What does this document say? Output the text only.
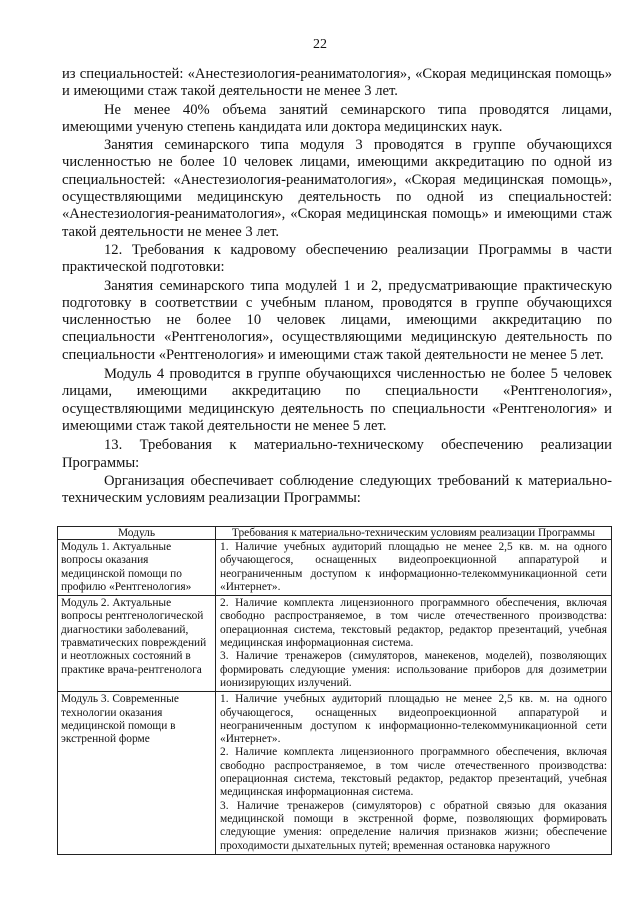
22

из специальностей: «Анестезиология-реаниматология», «Скорая медицинская помощь» и имеющими стаж такой деятельности не менее 3 лет.

Не менее 40% объема занятий семинарского типа проводятся лицами, имеющими ученую степень кандидата или доктора медицинских наук.

Занятия семинарского типа модуля 3 проводятся в группе обучающихся численностью не более 10 человек лицами, имеющими аккредитацию по одной из специальностей: «Анестезиология-реаниматология», «Скорая медицинская помощь», осуществляющими медицинскую деятельность по одной из специальностей: «Анестезиология-реаниматология», «Скорая медицинская помощь» и имеющими стаж такой деятельности не менее 3 лет.

12. Требования к кадровому обеспечению реализации Программы в части практической подготовки:

Занятия семинарского типа модулей 1 и 2, предусматривающие практическую подготовку в соответствии с учебным планом, проводятся в группе обучающихся численностью не более 10 человек лицами, имеющими аккредитацию по специальности «Рентгенология», осуществляющими медицинскую деятельность по специальности «Рентгенология» и имеющими стаж такой деятельности не менее 5 лет.

Модуль 4 проводится в группе обучающихся численностью не более 5 человек лицами, имеющими аккредитацию по специальности «Рентгенология», осуществляющими медицинскую деятельность по специальности «Рентгенология» и имеющими стаж такой деятельности не менее 5 лет.

13. Требования к материально-техническому обеспечению реализации Программы:

Организация обеспечивает соблюдение следующих требований к материально-техническим условиям реализации Программы:

Модуль	Требования к материально-техническим условиям реализации Программы
Модуль 1. Актуальные вопросы оказания медицинской помощи по профилю «Рентгенология»	1. Наличие учебных аудиторий площадью не менее 2,5 кв. м. на одного обучающегося, оснащенных видеопроекционной аппаратурой и неограниченным доступом к информационно-телекоммуникационной сети «Интернет».

Модуль 2. Актуальные вопросы рентгенологической диагностики заболеваний, травматических повреждений и неотложных состояний в практике врача-рентгенолога	2. Наличие комплекта лицензионного программного обеспечения, включая свободно распространяемое, в том числе отечественного производства: операционная система, текстовый редактор, редактор презентаций, учебная медицинская информационная система.

3. Наличие тренажеров (симуляторов, манекенов, моделей), позволяющих формировать следующие умения: использование приборов для дозиметрии ионизирующих излучений.

Модуль 3. Современные технологии оказания медицинской помощи в экстренной форме	1. Наличие учебных аудиторий площадью не менее 2,5 кв. м. на одного обучающегося, оснащенных видеопроекционной аппаратурой и неограниченным доступом к информационно-телекоммуникационной сети «Интернет».

2. Наличие комплекта лицензионного программного обеспечения, включая свободно распространяемое, в том числе отечественного производства: операционная система, текстовый редактор, редактор презентаций, учебная медицинская информационная система.

3. Наличие тренажеров (симуляторов) с обратной связью для оказания медицинской помощи в экстренной форме, позволяющих формировать следующие умения: определение наличия признаков жизни; обеспечение проходимости дыхательных путей; временная остановка наружного
